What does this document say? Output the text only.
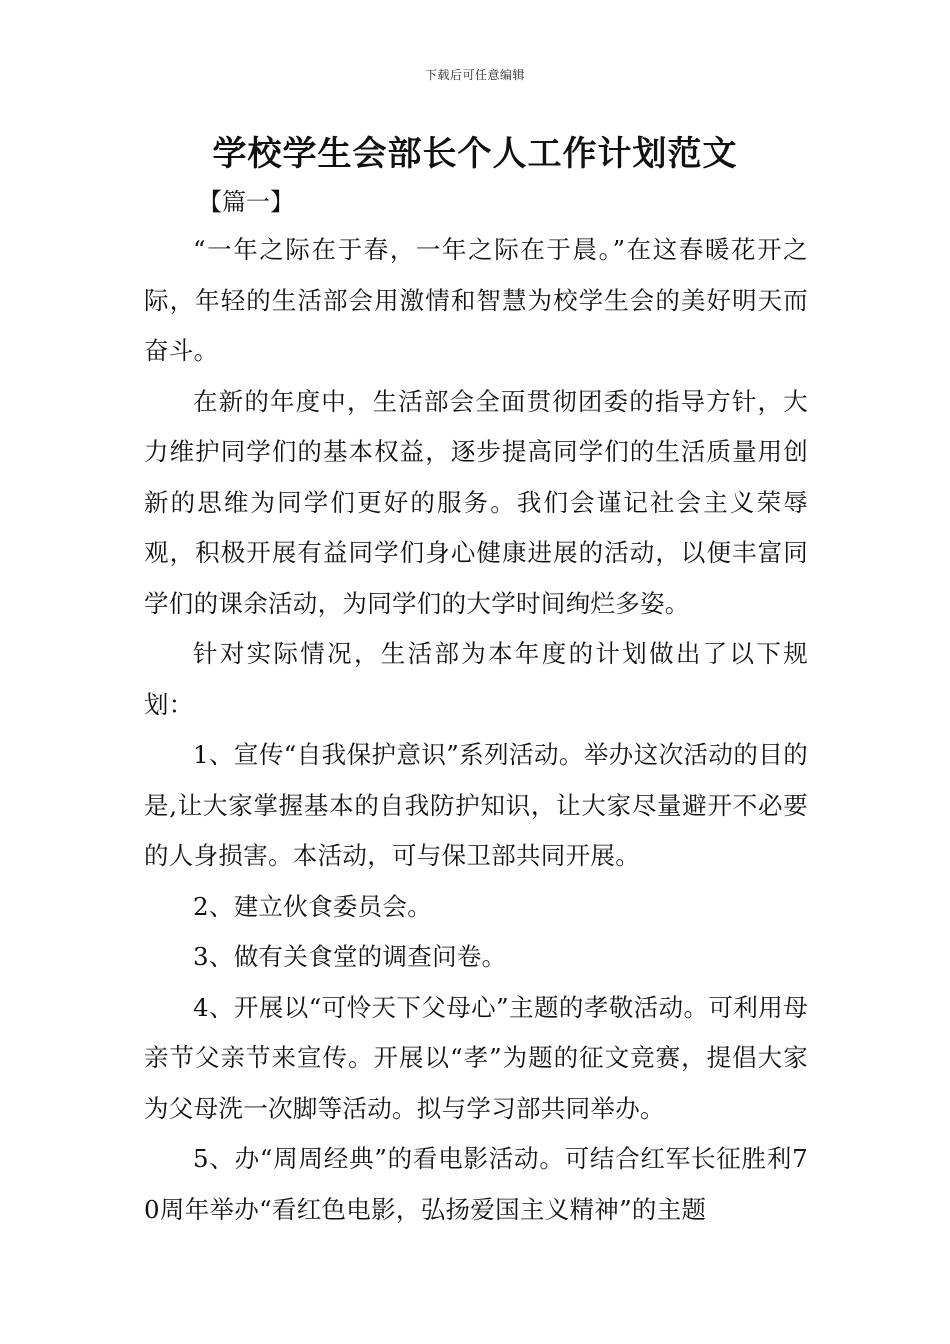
下载后可任意编辑
学校学生会部长个人工作计划范文
【篇一】

“一年之际在于春，一年之际在于晨。”在这春暖花开之际，年轻的生活部会用激情和智慧为校学生会的美好明天而奋斗。

在新的年度中，生活部会全面贯彻团委的指导方针，大力维护同学们的基本权益，逐步提高同学们的生活质量用创新的思维为同学们更好的服务。我们会谨记社会主义荣辱观，积极开展有益同学们身心健康进展的活动，以便丰富同学们的课余活动，为同学们的大学时间绚烂多姿。

针对实际情况，生活部为本年度的计划做出了以下规划：

1、宣传“自我保护意识”系列活动。举办这次活动的目的是,让大家掌握基本的自我防护知识，让大家尽量避开不必要的人身损害。本活动，可与保卫部共同开展。

2、建立伙食委员会。

3、做有关食堂的调查问卷。

4、开展以“可怜天下父母心”主题的孝敬活动。可利用母亲节父亲节来宣传。开展以“孝”为题的征文竞赛，提倡大家为父母洗一次脚等活动。拟与学习部共同举办。

5、办“周周经典”的看电影活动。可结合红军长征胜利70周年举办“看红色电影，弘扬爱国主义精神”的主题
